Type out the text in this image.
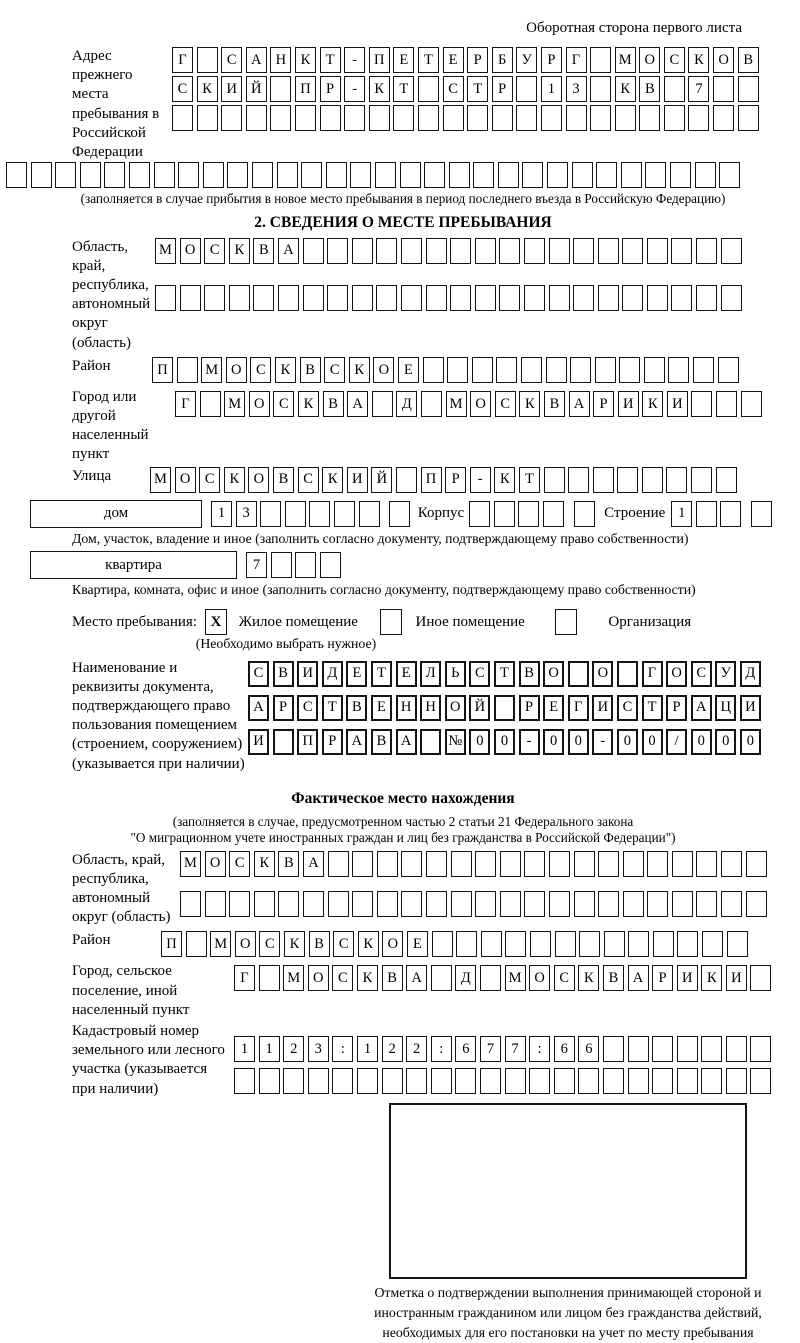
Оборотная сторона первого листа
Адрес прежнего места пребывания в Российской Федерации
Г	С	А Н	К	Т	-	П	Е	Т	Е	Р	Б	У	Р	Г	М О	С	К	О	В
С	К	И Й	П	Р	-	К	Т	С	Т	Р	1	3	К	В	7
(заполняется в случае прибытия в новое место пребывания в период последнего въезда в Российскую Федерацию)
2. СВЕДЕНИЯ О МЕСТЕ ПРЕБЫВАНИЯ
Область, край, республика, автономный округ (область)
М О	С	К	В	А
Район	П	М О	С	К	В	С	К	О	Е
Город или другой населенный пункт
Г	М О	С	К	В	А	Д	М О	С	К	В	А	Р	И	К	И
Улица	М О	С	К	О	В	С	К	И Й	П	Р	-	К	Т
дом	1	3	Корпус	Строение 1
Дом, участок, владение и иное (заполнить согласно документу, подтверждающему право собственности)
квартира	7
Квартира, комната, офис и иное (заполнить согласно документу, подтверждающему право собственности)
Место пребывания: X	Жилое помещение	Иное помещение	Организация
(Необходимо выбрать нужное)
Наименование и реквизиты документа, подтверждающего право пользования помещением (строением, сооружением) (указывается при наличии)
С	В	И Д	Е	Т	Е	Л	Ь	С	Т	В	О	О	Г	О	С	У	Д
А	Р	С	Т	В	Е	Н Н О Й	Р	Е	Г	И	С	Т	Р	А Ц И
И	П	Р	А	В	А	№ 0	0	-	0	0	-	0	0	/	0	0	0
Фактическое место нахождения
(заполняется в случае, предусмотренном частью 2 статьи 21 Федерального закона
"О миграционном учете иностранных граждан и лиц без гражданства в Российской Федерации")
Область, край, республика, автономный округ (область)
М О	С	К	В	А
Район	П	М О	С	К	В	С	К	О	Е
Город, сельское поселение, иной населенный пункт
Г	М О	С	К	В	А	Д	М О	С	К	В	А	Р	И	К	И
Кадастровый номер земельного или лесного участка (указывается при наличии)
1	1	2	3	:	1	2	2	:	6	7	7	:	6	6
Отметка о подтверждении выполнения принимающей стороной и иностранным гражданином или лицом без гражданства действий, необходимых для его постановки на учет по месту пребывания
